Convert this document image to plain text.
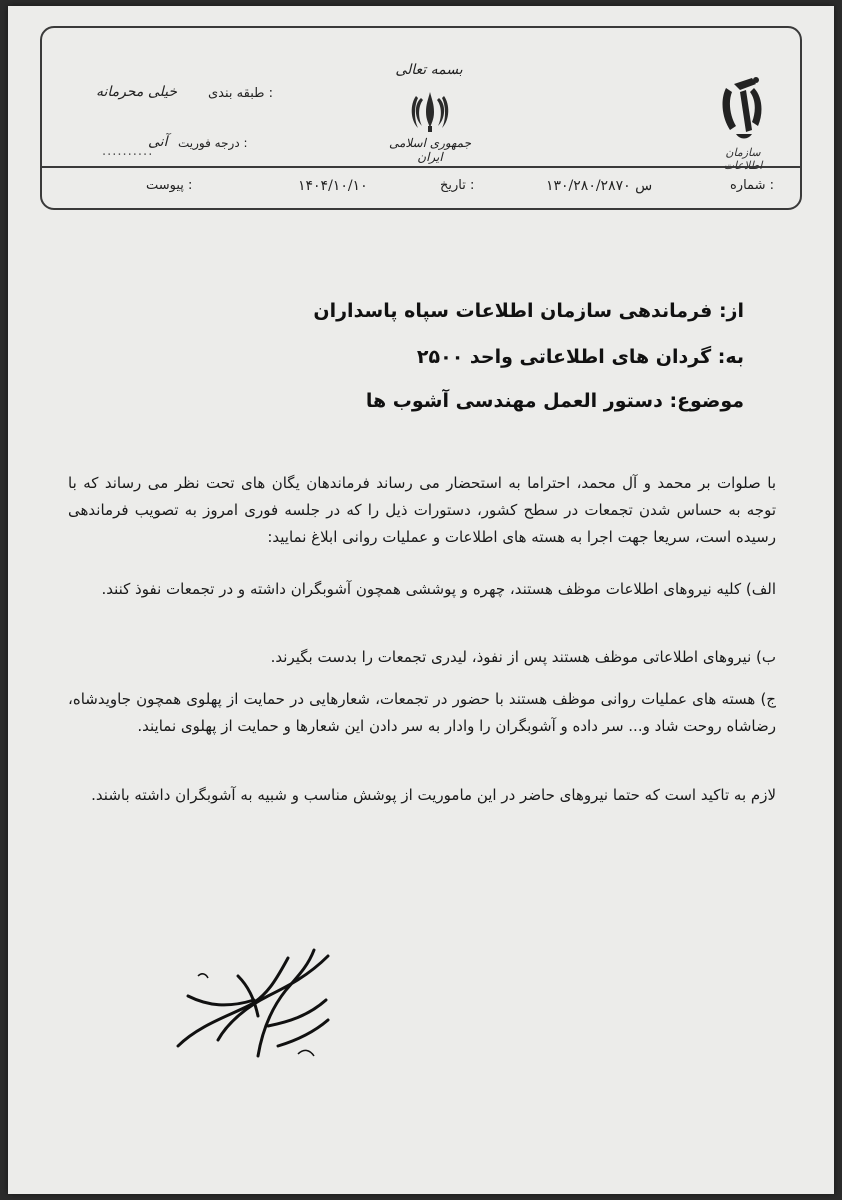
طبقه بندی :
خیلی محرمانه
درجه فوریت :
آنی
..........
بسمه تعالی
جمهوری اسلامی ایران	سازمان اطلاعات
شماره :
۱۳۰/۲۸۰/۲۸۷۰ س
تاریخ :
۱۴۰۴/۱۰/۱۰
پیوست :
از: فرماندهی سازمان اطلاعات سپاه پاسداران
به: گردان های اطلاعاتی واحد ۲۵۰۰
موضوع: دستور العمل مهندسی آشوب ها
با صلوات بر محمد و آل محمد، احتراما به استحضار می رساند فرماندهان یگان های تحت نظر می رساند که با توجه به حساس شدن تجمعات در سطح کشور، دستورات ذیل را که در جلسه فوری امروز به تصویب فرماندهی رسیده است، سریعا جهت اجرا به هسته های اطلاعات و عملیات روانی ابلاغ نمایید:
الف) کلیه نیروهای اطلاعات موظف هستند، چهره و پوششی همچون آشوبگران داشته و در تجمعات نفوذ کنند.
ب) نیروهای اطلاعاتی موظف هستند پس از نفوذ، لیدری تجمعات را بدست بگیرند.
ج) هسته های عملیات روانی موظف هستند با حضور در تجمعات، شعارهایی در حمایت از پهلوی همچون جاویدشاه، رضاشاه روحت شاد و... سر داده و آشوبگران را وادار به سر دادن این شعارها و حمایت از پهلوی نمایند.
لازم به تاکید است که حتما نیروهای حاضر در این ماموریت از پوشش مناسب و شبیه به آشوبگران داشته باشند.
